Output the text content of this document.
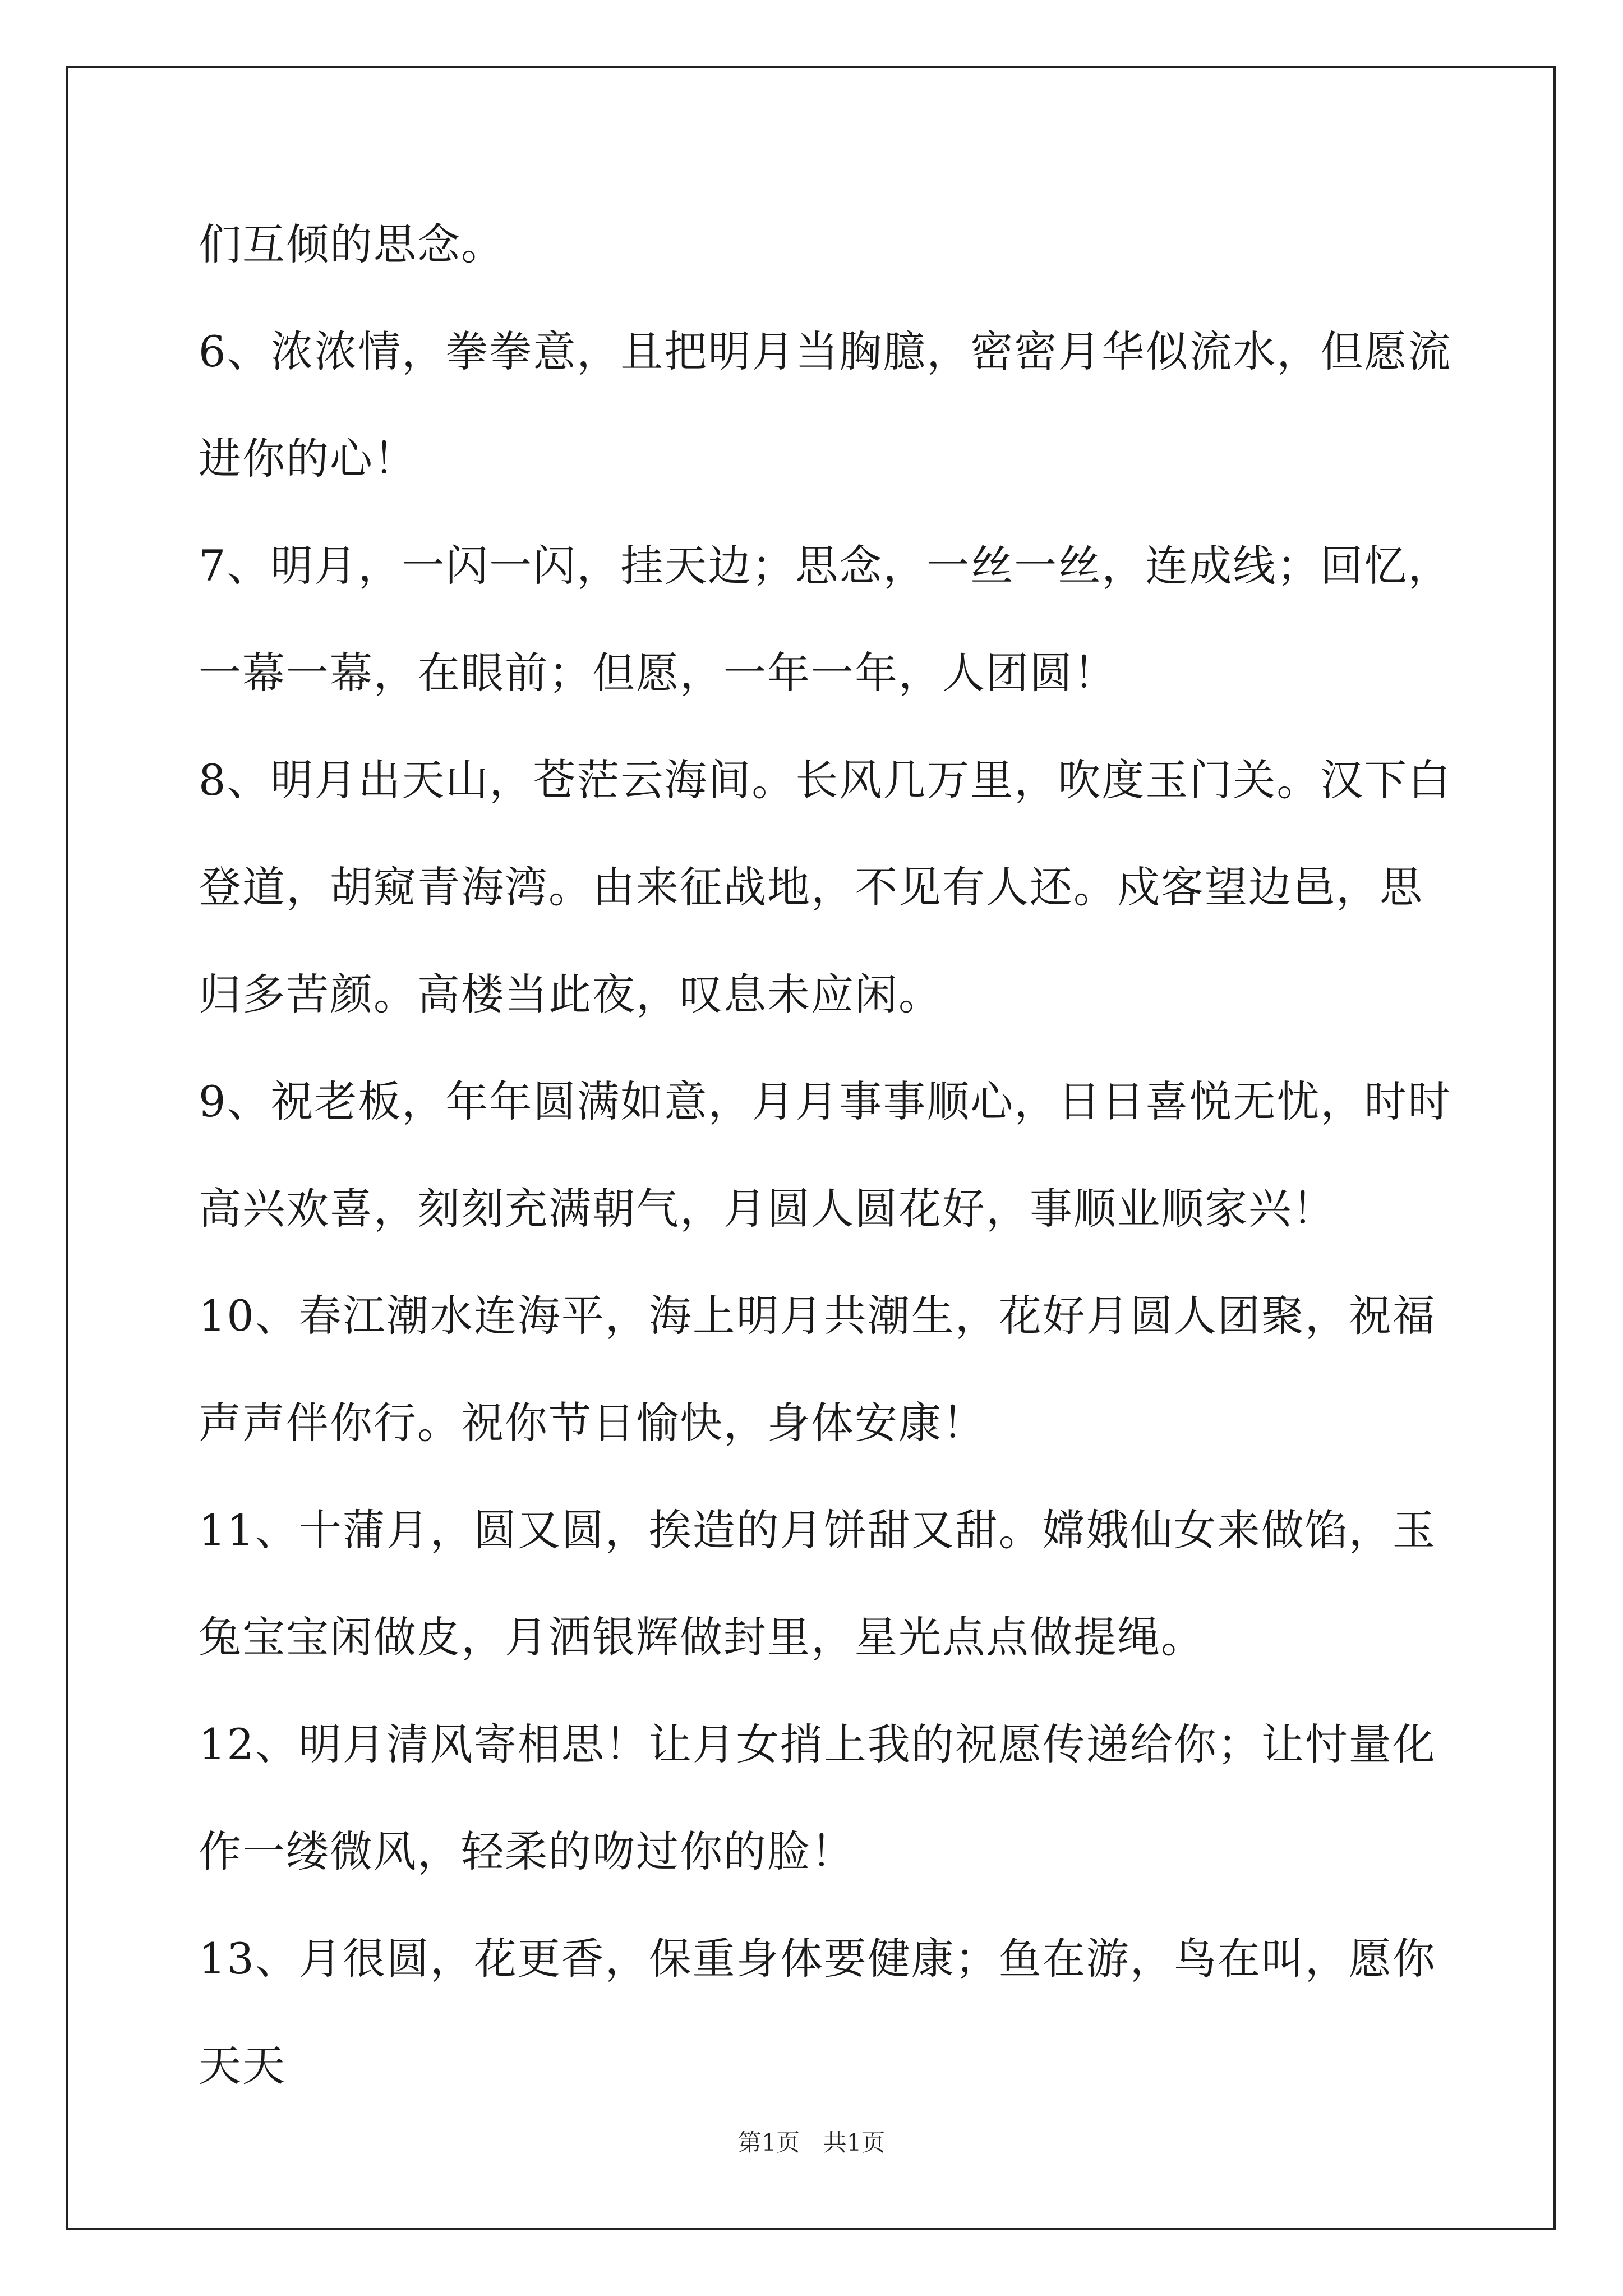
们互倾的思念。

6、浓浓情，拳拳意，且把明月当胸臆，密密月华似流水，但愿流进你的心！

7、明月，一闪一闪，挂天边；思念，一丝一丝，连成线；回忆，一幕一幕，在眼前；但愿，一年一年，人团圆！

8、明月出天山，苍茫云海间。长风几万里，吹度玉门关。汉下白登道，胡窥青海湾。由来征战地，不见有人还。戍客望边邑，思归多苦颜。高楼当此夜，叹息未应闲。

9、祝老板，年年圆满如意，月月事事顺心，日日喜悦无忧，时时高兴欢喜，刻刻充满朝气，月圆人圆花好，事顺业顺家兴！

10、春江潮水连海平，海上明月共潮生，花好月圆人团聚，祝福声声伴你行。祝你节日愉快，身体安康！

11、十蒲月，圆又圆，挨造的月饼甜又甜。嫦娥仙女来做馅，玉兔宝宝闲做皮，月洒银辉做封里，星光点点做提绳。

12、明月清风寄相思！让月女捎上我的祝愿传递给你；让忖量化作一缕微风，轻柔的吻过你的脸！

13、月很圆，花更香，保重身体要健康；鱼在游，鸟在叫，愿你天天

第1页 共1页
